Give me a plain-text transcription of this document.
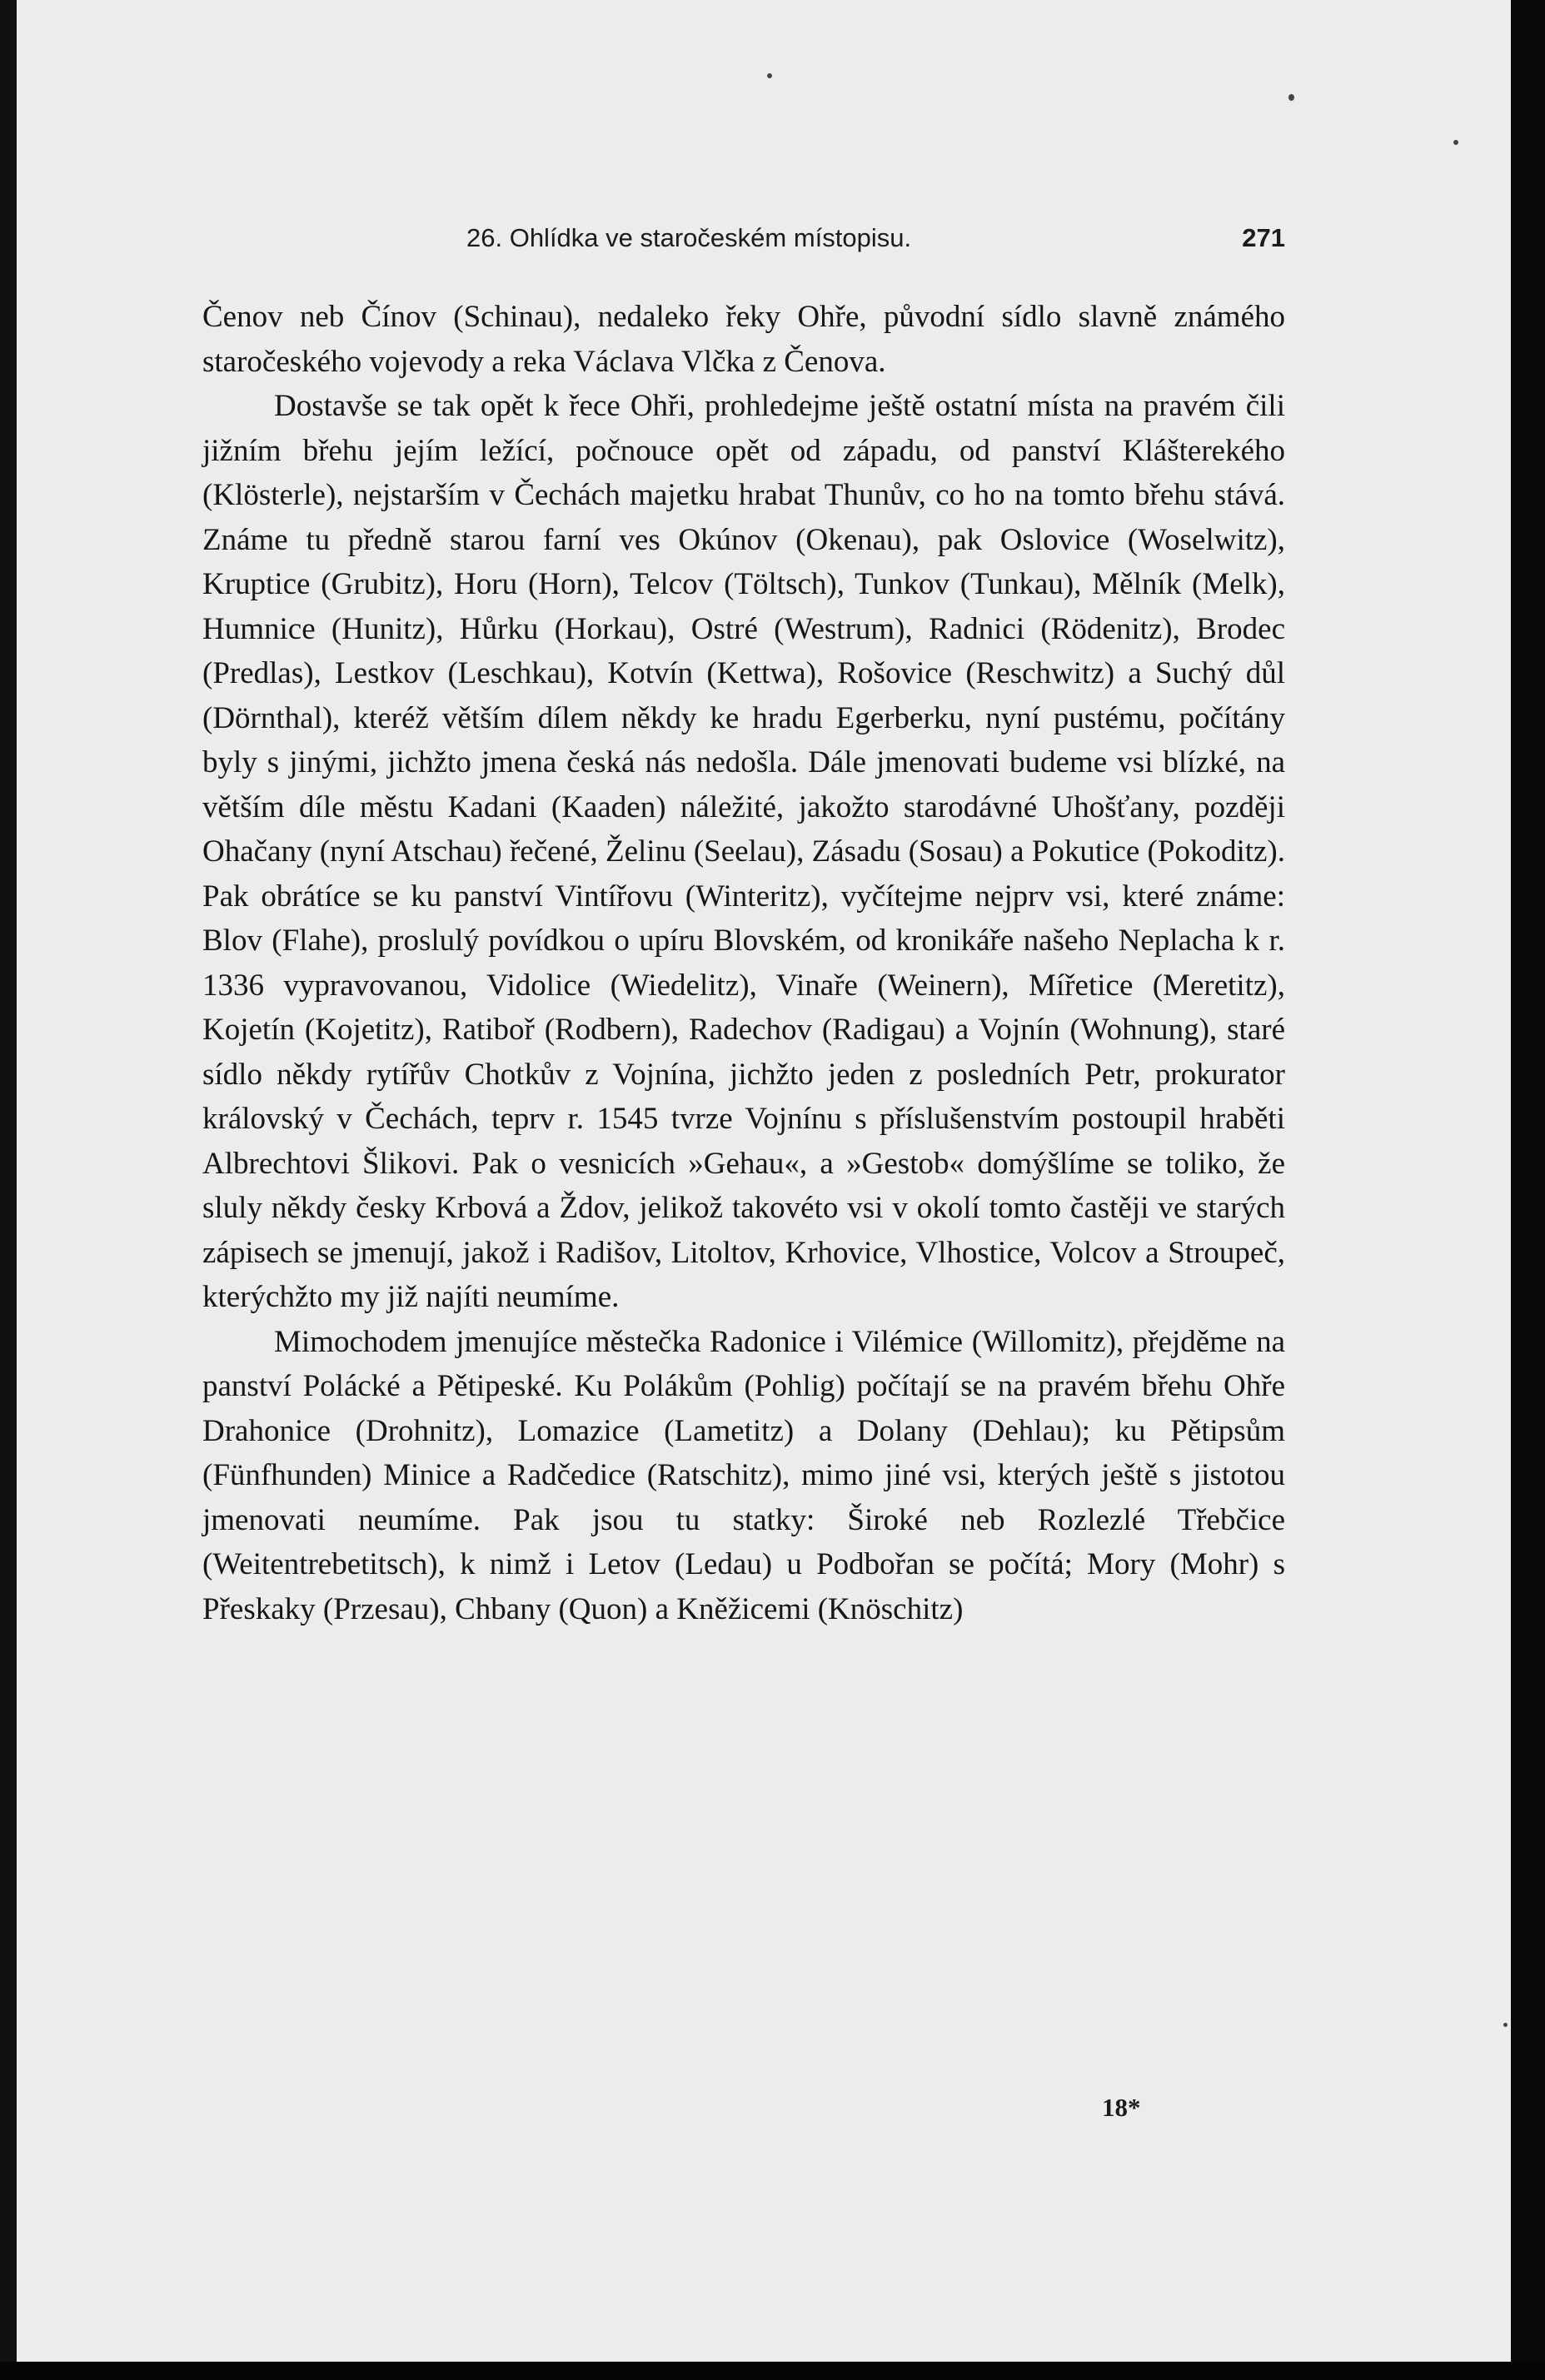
26. Ohlídka ve staročeském místopisu.	271

Čenov neb Čínov (Schinau), nedaleko řeky Ohře, původní sídlo slavně známého staročeského vojevody a reka Václava Vlčka z Čenova.

Dostavše se tak opět k řece Ohři, prohledejme ještě ostatní místa na pravém čili jižním břehu jejím ležící, počnouce opět od západu, od panství Klášterekého (Klösterle), nejstarším v Čechách majetku hrabat Thunův, co ho na tomto břehu stává. Známe tu předně starou farní ves Okúnov (Okenau), pak Oslovice (Woselwitz), Kruptice (Grubitz), Horu (Horn), Telcov (Töltsch), Tunkov (Tunkau), Mělník (Melk), Humnice (Hunitz), Hůrku (Horkau), Ostré (Westrum), Radnici (Rödenitz), Brodec (Predlas), Lestkov (Leschkau), Kotvín (Kettwa), Rošovice (Reschwitz) a Suchý důl (Dörnthal), kteréž větším dílem někdy ke hradu Egerberku, nyní pustému, počítány byly s jinými, jichžto jmena česká nás nedošla. Dále jmenovati budeme vsi blízké, na větším díle městu Kadani (Kaaden) náležité, jakožto starodávné Uhošťany, později Ohačany (nyní Atschau) řečené, Želinu (Seelau), Zásadu (Sosau) a Pokutice (Pokoditz). Pak obrátíce se ku panství Vintířovu (Winteritz), vyčítejme nejprv vsi, které známe: Blov (Flahe), proslulý povídkou o upíru Blovském, od kronikáře našeho Neplacha k r. 1336 vypravovanou, Vidolice (Wiedelitz), Vinaře (Weinern), Mířetice (Meretitz), Kojetín (Kojetitz), Ratiboř (Rodbern), Radechov (Radigau) a Vojnín (Wohnung), staré sídlo někdy rytířův Chotkův z Vojnína, jichžto jeden z posledních Petr, prokurator královský v Čechách, teprv r. 1545 tvrze Vojnínu s příslušenstvím postoupil hraběti Albrechtovi Šlikovi. Pak o vesnicích »Gehau«, a »Gestob« domýšlíme se toliko, že sluly někdy česky Krbová a Ždov, jelikož takovéto vsi v okolí tomto častěji ve starých zápisech se jmenují, jakož i Radišov, Litoltov, Krhovice, Vlhostice, Volcov a Stroupeč, kterýchžto my již najíti neumíme.

Mimochodem jmenujíce městečka Radonice i Vilémice (Willomitz), přejděme na panství Polácké a Pětipeské. Ku Polákům (Pohlig) počítají se na pravém břehu Ohře Drahonice (Drohnitz), Lomazice (Lametitz) a Dolany (Dehlau); ku Pětipsům (Fünfhunden) Minice a Radčedice (Ratschitz), mimo jiné vsi, kterých ještě s jistotou jmenovati neumíme. Pak jsou tu statky: Široké neb Rozlezlé Třebčice (Weitentrebetitsch), k nimž i Letov (Ledau) u Podbořan se počítá; Mory (Mohr) s Přeskaky (Przesau), Chbany (Quon) a Kněžicemi (Knöschitz)

18*
